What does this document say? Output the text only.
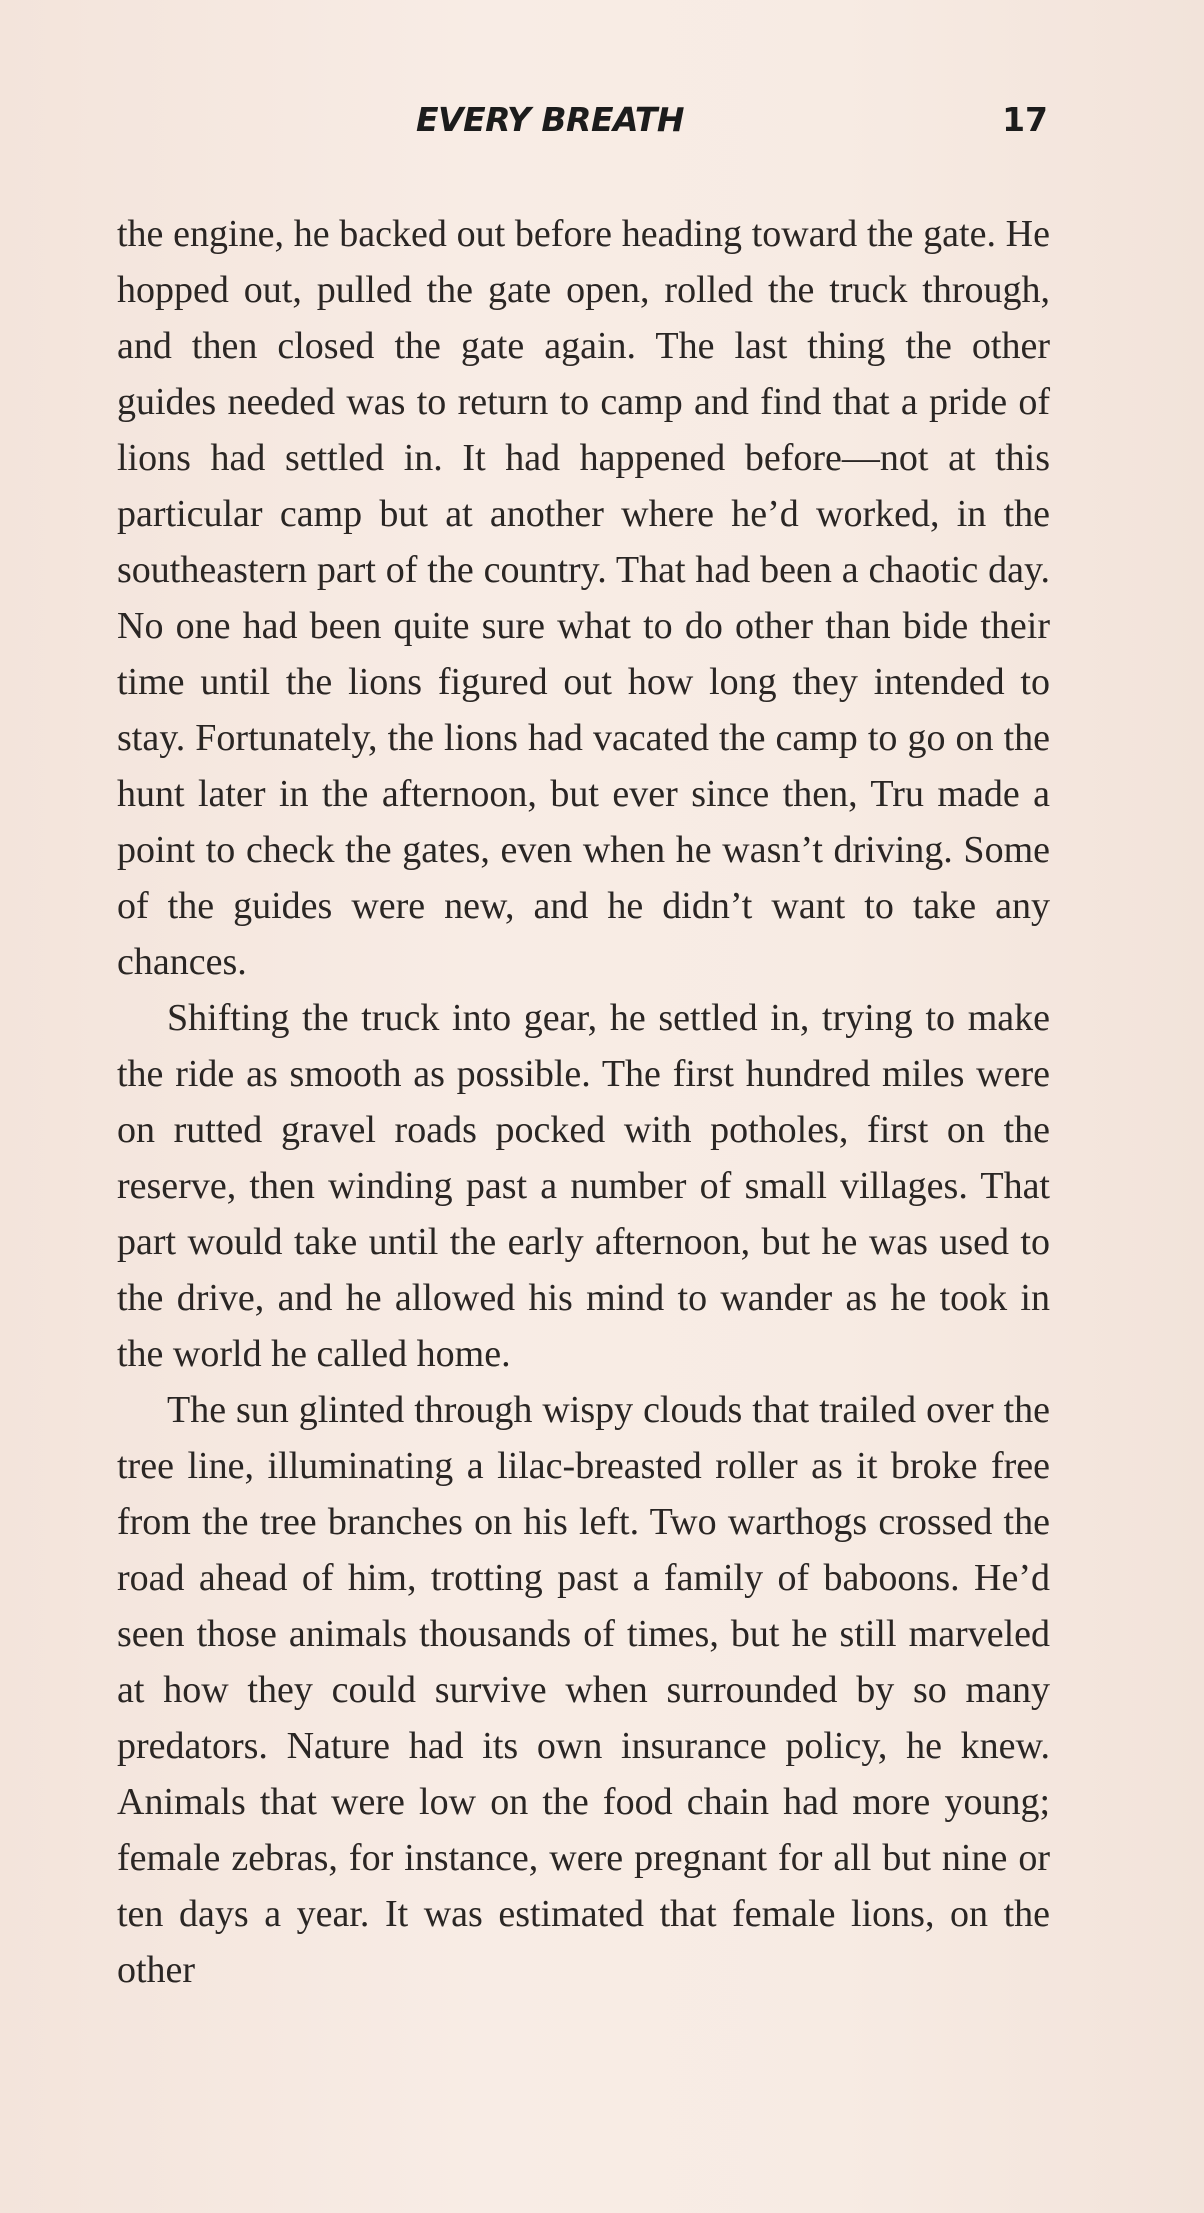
EVERY BREATH	17

the engine, he backed out before heading toward the gate. He hopped out, pulled the gate open, rolled the truck through, and then closed the gate again. The last thing the other guides needed was to return to camp and find that a pride of lions had settled in. It had happened before—not at this particular camp but at another where he’d worked, in the southeastern part of the country. That had been a chaotic day. No one had been quite sure what to do other than bide their time until the lions figured out how long they intended to stay. Fortunately, the lions had vacated the camp to go on the hunt later in the afternoon, but ever since then, Tru made a point to check the gates, even when he wasn’t driving. Some of the guides were new, and he didn’t want to take any chances.

Shifting the truck into gear, he settled in, trying to make the ride as smooth as possible. The first hundred miles were on rutted gravel roads pocked with potholes, first on the reserve, then winding past a number of small villages. That part would take until the early afternoon, but he was used to the drive, and he allowed his mind to wander as he took in the world he called home.

The sun glinted through wispy clouds that trailed over the tree line, illuminating a lilac-breasted roller as it broke free from the tree branches on his left. Two warthogs crossed the road ahead of him, trotting past a family of baboons. He’d seen those animals thousands of times, but he still marveled at how they could survive when surrounded by so many predators. Nature had its own insurance policy, he knew. Animals that were low on the food chain had more young; female zebras, for instance, were pregnant for all but nine or ten days a year. It was estimated that female lions, on the other
